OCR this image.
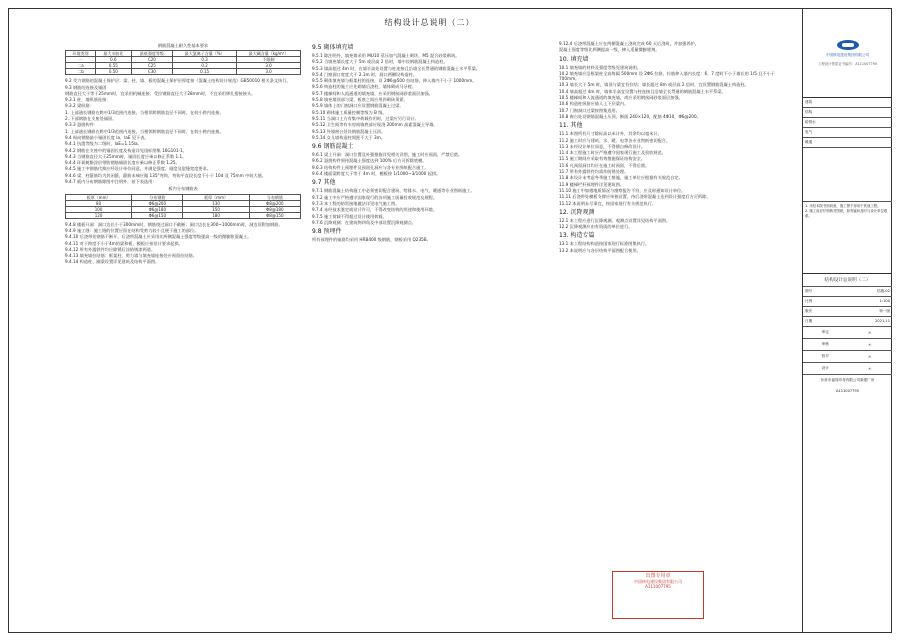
结构设计总说明（二）
钢筋混凝土耐久性基本要求
环境类别	最大水胶比	最低强度等级	最大氯离子含量（%）	最大碱含量（kg/m³）
一	0.6	C20	0.3	不限制
二a	0.55	C25	0.2	3.0
二b	0.50	C30	0.15	3.0
9.2 受力钢筋的混凝土保护层：梁、柱、墙、板的混凝土保护层厚度按《混凝土结构设计规范》GB50010 相关条文执行。
9.3 钢筋的连接及锚固
钢筋直径大于等于25mm时，宜采用机械连接；受拉钢筋直径大于28mm时，不宜采用绑扎搭接接头。
9.3.1 柱、墙纵筋连接：
9.3.2 梁纵筋：
1. 上部通长钢筋在跨中1/3范围内连接，当相邻跨钢筋直径不同时，在较小跨内连接。
2. 下部钢筋在支座处锚固。
9.3.3 悬挑构件：
1. 上部通长钢筋在跨中1/3范围内连接，当相邻跨钢筋直径不同时，在较小跨内连接。
9.4 纵向钢筋最小锚固长度 la、laE 见下表。
9.4.1 抗震等级为二级时，laE=1.15la。
9.4.2 钢筋在支座中的锚固长度及构造详见国标图集 16G101-1。
9.4.3 当钢筋直径大于25mm时，锚固长度应乘以修正系数 1.1。
9.4.4 环氧树脂涂层带肋钢筋锚固长度应乘以修正系数 1.25。
9.4.5 施工中钢筋代换应经设计单位同意，并满足强度、刚度及裂缝宽度要求。
9.4.6 梁、柱箍筋均为封闭箍，箍筋末端应做 135°弯钩，弯钩平直段长度不小于 10d 及 75mm 中较大值。
9.4.7 板内分布钢筋除图中注明外，按下表选用：
板内分布钢筋表
板厚（mm）	分布钢筋	板厚（mm）	分布钢筋
80	Φ6@200	130	Φ8@200
100	Φ6@180	150	Φ8@180
120	Φ6@150	180	Φ8@150
9.4.8 楼板开洞：洞口边长小于300mm时，钢筋绕过洞口不截断；洞口边长在300~1000mm时，洞边设附加钢筋。
9.4.9 施工缝：施工缝的位置应留在结构受剪力较小且便于施工的部位。
9.4.10 后浇带处钢筋不断开，后浇带混凝土应采用比两侧混凝土强度等级提高一级的微膨胀混凝土。
9.4.11 对于跨度不小于4m的梁和板，模板应按设计要求起拱。
9.4.12 所有外露铁件均应除锈后涂防锈漆两道。
9.4.13 填充墙拉结筋：框架柱、剪力墙与填充墙连接处应预留拉结筋。
9.4.14 构造柱、圈梁设置详见建筑及结构平面图。
9.5 砌体填充墙
9.5.1 除注明外，填充墙采用 MU10 蒸压加气混凝土砌块，M5 混合砂浆砌筑。
9.5.2 当填充墙长度大于 5m 或层高 2 倍时，墙中设钢筋混凝土构造柱。
9.5.3 墙高超过 4m 时，在墙半高处设置与柱连接且沿墙全长贯通的钢筋混凝土水平系梁。
9.5.4 门窗洞口宽度大于 2.1m 时，洞口两侧设构造柱。
9.5.5 砌体填充墙与框架柱的连接，设 2Φ6@500 拉结筋，伸入墙内不小于 1000mm。
9.5.6 构造柱的施工应先砌墙后浇柱，墙体砌成马牙槎。
9.5.7 楼梯间和人流通道的填充墙，应采用钢丝网砂浆面层加强。
9.5.8 填充墙顶部与梁、板底之间应用斜砌砖顶紧。
9.5.9 墙体上的门窗洞口应设置钢筋混凝土过梁。
9.5.10 砌体施工质量控制等级为 B 级。
9.5.11 当洞口上方有集中荷载作用时，过梁应另行设计。
9.5.12 卫生间等有水房间墙底部应现浇 200mm 高素混凝土导墙。
9.5.13 外墙窗台处设钢筋混凝土压顶。
9.5.14 女儿墙构造柱间距不大于 3m。
9.6 钢筋混凝土
9.6.1 梁上开洞：洞口位置及补强措施详见相关详图，施工时应预留，严禁后凿。
9.6.2 悬挑构件须待混凝土强度达到 100% 后方可拆除底模。
9.6.3 结构构件上预埋件及预留孔洞应与各专业图纸配合施工。
9.6.4 楼面梁跨度大于等于 4m 时，模板按 1/1000~3/1000 起拱。
9.7 其他
9.7.1 钢筋混凝土结构施工中必须密切配合建筑、给排水、电气、暖通等专业图纸施工。
9.7.2 施工中应严格遵守国家现行的各项施工质量验收规范及规程。
9.7.3 本工程的防雷接地做法详见电气施工图。
9.7.4 未经技术鉴定或设计许可，不得改变结构的用途和使用环境。
9.7.5 施工荷载不得超过设计使用荷载。
9.7.6 沉降观测：在建筑物四角及中部设置沉降观测点。
9.8 预埋件
所有预埋件的锚筋均采用 HRB400 级钢筋，钢板采用 Q235B。
9.12.4 后浇带混凝土应在两侧混凝土浇筑完成 60 天后浇筑，并加强养护。
混凝土强度等级比两侧提高一级，掺入适量微膨胀剂。
10. 填充墙
10.1 填充墙的材料及强度等级见建筑说明。
10.2 填充墙应沿框架柱全高每隔 500mm 设 2Φ6 拉筋，拉筋伸入墙内长度：6、7 度时不小于墙长的 1/5 且不小于 700mm。
10.3 墙长大于 5m 时，墙顶与梁宜有拉结；墙长超过 8m 或层高 2 倍时，宜设置钢筋混凝土构造柱。
10.4 墙高超过 4m 时，墙体半高宜设置与柱连接且沿墙全长贯通的钢筋混凝土水平系梁。
10.5 楼梯间和人流通道的填充墙，尚应采用钢丝网砂浆面层加强。
10.6 构造柱纵筋应锚入上下层梁内。
10.7 门窗洞口过梁按图集选用。
10.8 窗台处设钢筋混凝土压顶，断面 240×120，配筋 4Φ10，Φ6@200。
11. 其他
11.1 本图所有尺寸除标高以米计外，其余均以毫米计。
11.2 施工时应与建筑、水、暖、电等各专业图纸密切配合。
11.3 未经设计单位同意，不得擅自修改设计。
11.4 本工程施工时应严格遵守国家现行施工及验收规范。
11.5 施工期间应采取有效措施保证结构安全。
11.6 凡预留洞口均应在施工时预留，不得后凿。
11.7 所有外露铁件均需作防锈处理。
11.8 本设计未考虑冬季施工措施，施工单位应根据有关规范自定。
11.9 楼梯栏杆预埋件详见建筑图。
11.10 施工中如遇地质情况与勘察报告不符，应及时通知设计单位。
11.11 后浇带处模板支撑应单独设置，待后浇带混凝土达到设计强度后方可拆除。
11.12 本说明未尽事宜，按国家现行有关规范执行。
12. 沉降观测
12.1 本工程应进行沉降观测，观测点设置详见结构平面图。
12.2 沉降观测应由有资质的单位进行。
13. 构造专篇
13.1 本工程结构构造按国家现行标准图集执行。
13.2 本说明应与各层结构平面图配合使用。
出图专用章
中国核电建设集团有限公司
A111007795
中国核电建设集团有限公司
工程设计资质证书编号：A111007795
建筑
结构
给排水
电气
暖通
1. 未经本院书面同意，施工图不得用于其他工程。
2. 施工前应仔细核对图纸，如有疑问及时与设计单位联系。
结构设计总说明（二）
图号	结施-02
比例	1:100
版次	第一版
日期	2021.11
审定	✍
审核	✍
校对	✍
设计	✍
东营市福同印务有限公司新建厂房
A111007795
